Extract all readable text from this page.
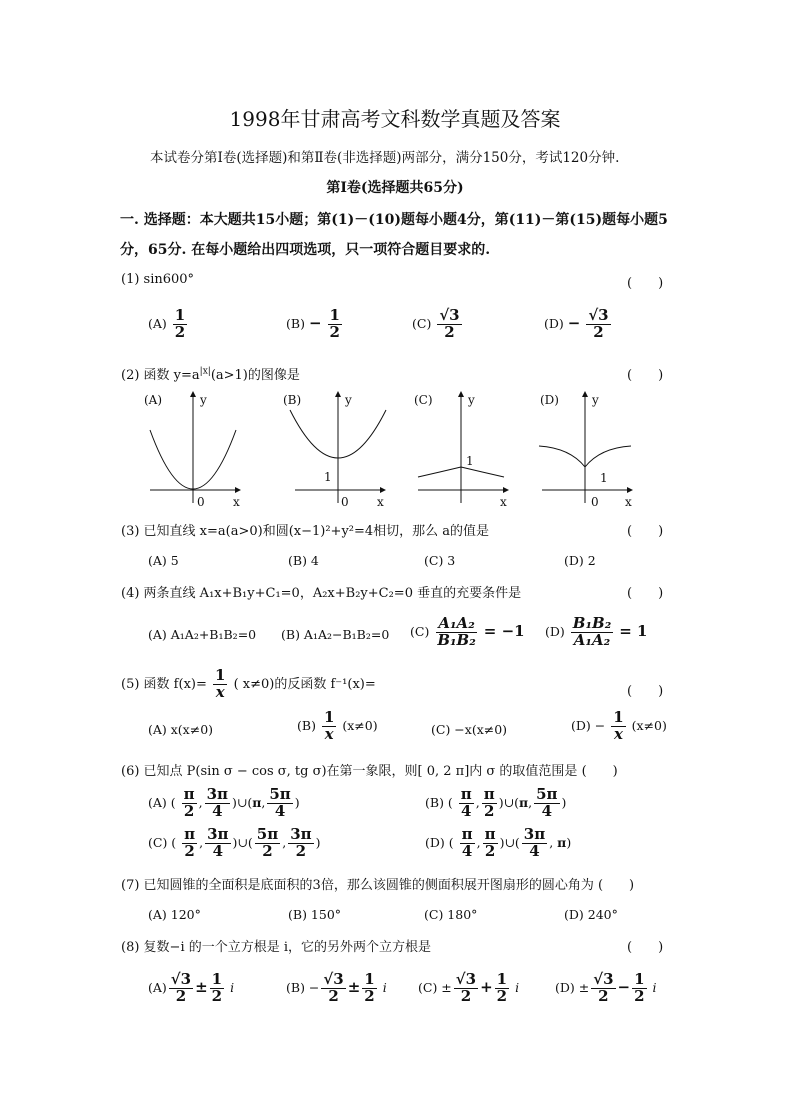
1998年甘肃高考文科数学真题及答案
本试卷分第Ⅰ卷(选择题)和第Ⅱ卷(非选择题)两部分，满分150分，考试120分钟.
第Ⅰ卷(选择题共65分)
一. 选择题：本大题共15小题；第(1)－(10)题每小题4分，第(11)－第(15)题每小题5
分，65分. 在每小题给出四项选项，只一项符合题目要求的.
(1) sin600°	(　　)
$(A) \frac{1}{2}$	$(B) - \frac{1}{2}$	$(C) \frac{√3}{2}$	$(D) - \frac{√3}{2}$
(2) 函数 $y=a^{|x|}(a>1)$的图像是	(　　)
(A)	y
x
0
(B)	y
x
0
1
(C)	y
x
1
(D)	y
x
0
1
(3) 已知直线 x=a(a>0)和圆(x−1)²+y²=4相切，那么 a的值是	(　　)
(A) 5	(B) 4	(C) 3	(D) 2
(4) 两条直线 A₁x+B₁y+C₁=0，A₂x+B₂y+C₂=0 垂直的充要条件是	(　　)
(A) A₁A₂+B₁B₂=0 (B) A₁A₂−B₁B₂=0 $(C) \frac{\text{A₁A₂}}{\text{B₁B₂}} = -1$ $(D) \frac{\text{B₁B₂}}{\text{A₁A₂}} = 1$
(5) 函数 $f(x)= \frac{1}{x}$ ( x≠0)的反函数 f⁻¹(x)=	(　　)
(A) x(x≠0)	$(B) \frac{1}{x} (x\ne 0)$	(C) −x(x≠0)	$(D) - \frac{1}{x} (x\ne 0)$
(6) 已知点 P(sin σ − cos σ, tg σ)在第一象限，则[ 0, 2 π]内 σ 的取值范围是 (　　)
(A) ( $\frac{\pi}{2}$ , $\frac{3\pi}{4}$ )∪(π, $\frac{5\pi}{4}$ )	(B) ( $\frac{\pi}{4}$ , $\frac{\pi}{2}$ )∪(π, $\frac{5\pi}{4}$ )
(C) ( $\frac{\pi}{2}$ , $\frac{3\pi}{4}$ )∪( $\frac{5\pi}{2}$ , $\frac{3\pi}{2}$ )	(D) ( $\frac{\pi}{4}$ , $\frac{\pi}{2}$ )∪( $\frac{3\pi}{4}$ , π)
(7) 已知圆锥的全面积是底面积的3倍，那么该圆锥的侧面积展开图扇形的圆心角为 (　　)
(A) 120°	(B) 150°	(C) 180°	(D) 240°
(8) 复数−i 的一个立方根是 i，它的另外两个立方根是	(　　)
$(A) \frac{√3}{2} \pm \frac{1}{2}$ i	$(B) - \frac{√3}{2} \pm \frac{1}{2}$ i	$(C) \pm \frac{√3}{2} + \frac{1}{2}$ i	$(D) \pm \frac{√3}{2} - \frac{1}{2}$ i
